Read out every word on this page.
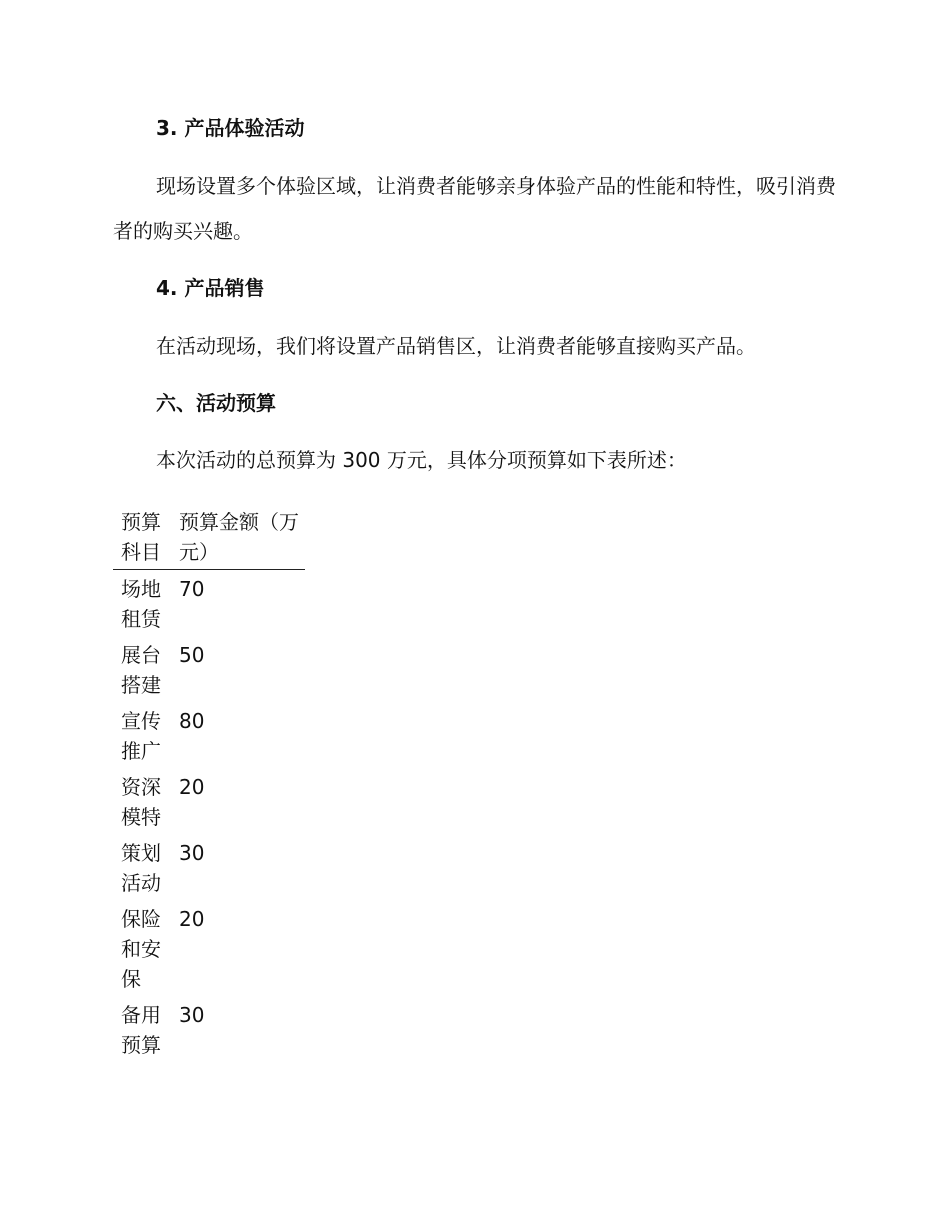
3. 产品体验活动
现场设置多个体验区域，让消费者能够亲身体验产品的性能和特性，吸引消费者的购买兴趣。
4. 产品销售
在活动现场，我们将设置产品销售区，让消费者能够直接购买产品。
六、活动预算
本次活动的总预算为 300 万元，具体分项预算如下表所述：
预算科目	预算金额（万元）
场地租赁	70
展台搭建	50
宣传推广	80
资深模特	20
策划活动	30
保险和安保	20
备用预算	30
